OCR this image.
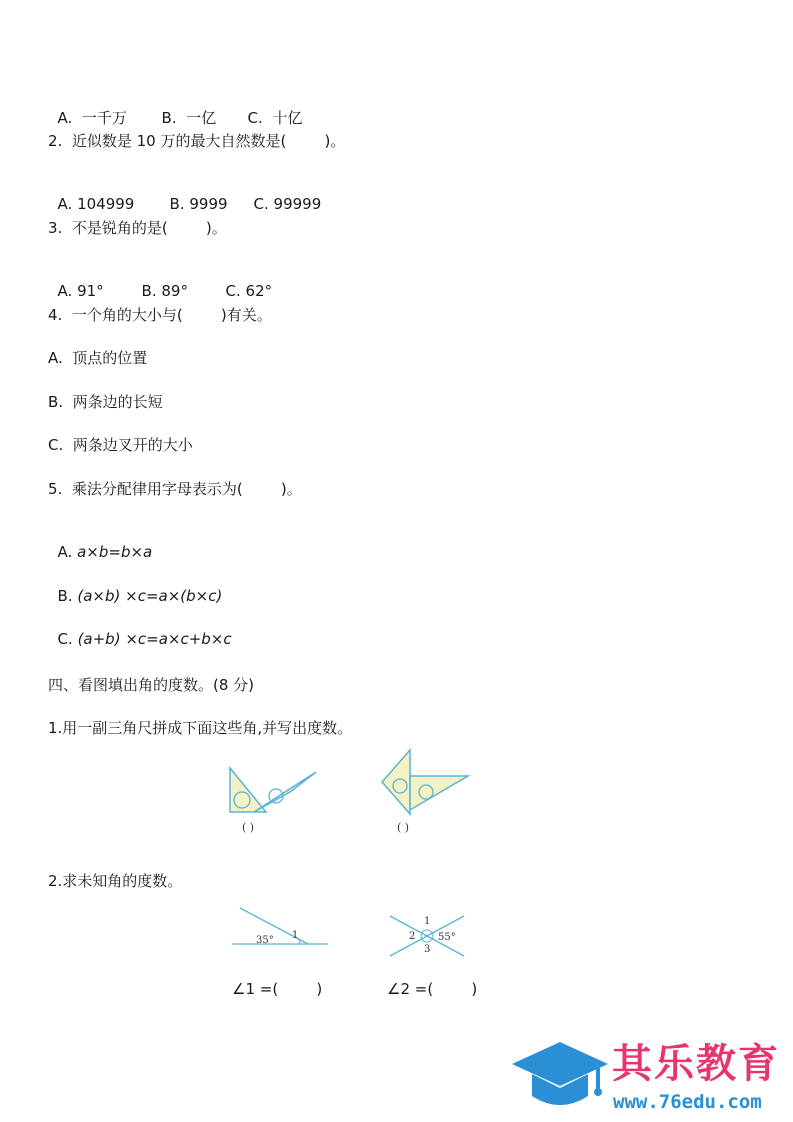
A.  一千万 B.  一亿 C.  十亿

2.  近似数是 10 万的最大自然数是(        )。

A. 104999 B. 9999 C. 99999

3.  不是锐角的是(        )。

A. 91°	B. 89°	C. 62°

4.  一个角的大小与(        )有关。
A.  顶点的位置
B.  两条边的长短
C.  两条边叉开的大小
5.  乘法分配律用字母表示为(        )。

A. a×b=b×a

B. (a×b) ×c=a×(b×c)

C. (a+b) ×c=a×c+b×c

四、看图填出角的度数。(8 分)
1.用一副三角尺拼成下面这些角,并写出度数。
( )	( )
2.求未知角的度数。
35° 1
1
2
3
55°
∠1 =(        )	∠2 =(        )
其乐教育
www.76edu.com
